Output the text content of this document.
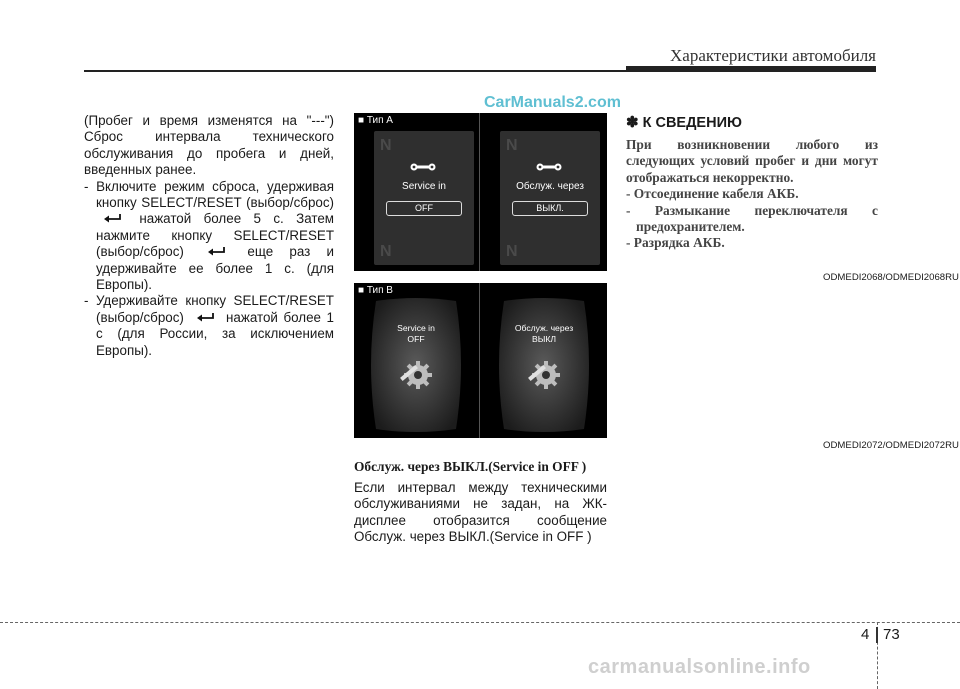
Характеристики автомобиля
CarManuals2.com

(Пробег и время изменятся на "---") Сброс интервала технического обслуживания до пробега и дней, введенных ранее.

- Включите режим сброса, удерживая кнопку SELECT/RESET (выбор/сброс)  нажатой более 5 с. Затем нажмите кнопку SELECT/RESET (выбор/сброс)	еще раз и удерживайте ее более 1 с. (для Европы).

- Удерживайте кнопку SELECT/RESET (выбор/сброс)	нажатой более 1 с (для России, за исключением Европы).

■ Тип A
N
Service in
OFF
N
N
Обслуж. через
ВЫКЛ.
N
ODMEDI2068/ODMEDI2068RU
■ Тип B
Service in
OFF
Обслуж. через
ВЫКЛ
ODMEDI2072/ODMEDI2072RU
Обслуж. через ВЫКЛ.(Service in OFF )

Если интервал между техническими обслуживаниями не задан, на ЖК-дисплее отобразится сообщение Обслуж. через ВЫКЛ.(Service in OFF )

✽ К СВЕДЕНИЮ

При возникновении любого из следующих условий пробег и дни могут отображаться некорректно.

- Отсоединение кабеля АКБ.

- Размыкание переключателя с предохранителем.

- Разрядка АКБ.

4 73
carmanualsonline.info
